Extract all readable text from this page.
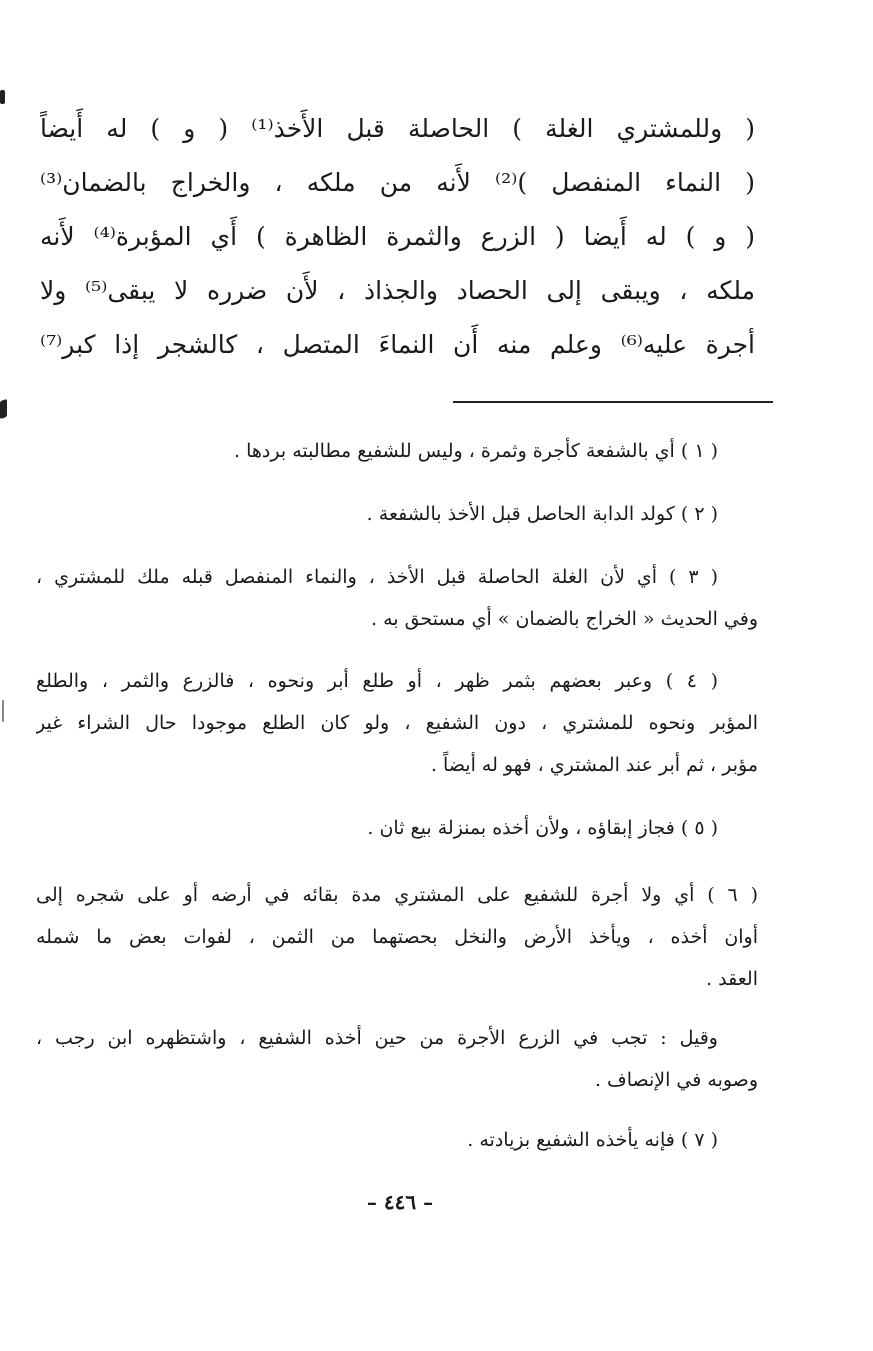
( وللمشتري الغلة ) الحاصلة قبل الأَخذ⁽¹⁾ ( و ) له أَيضاً
( النماء المنفصل )⁽²⁾ لأَنه من ملكه ، والخراج بالضمان⁽³⁾
( و ) له أَيضا ( الزرع والثمرة الظاهرة ) أَي المؤبرة⁽⁴⁾ لأَنه
ملكه ، ويبقى إلى الحصاد والجذاذ ، لأَن ضرره لا يبقى⁽⁵⁾ ولا
أجرة عليه⁽⁶⁾ وعلم منه أَن النماءَ المتصل ، كالشجر إذا كبر⁽⁷⁾
( ١ ) أي بالشفعة كأجرة وثمرة ، وليس للشفيع مطالبته بردها .
( ٢ ) كولد الدابة الحاصل قبل الأخذ بالشفعة .
( ٣ ) أي لأن الغلة الحاصلة قبل الأخذ ، والنماء المنفصل قبله ملك للمشتري ،
وفي الحديث « الخراج بالضمان » أي مستحق به .
( ٤ ) وعبر بعضهم بثمر ظهر ، أو طلع أبر ونحوه ، فالزرع والثمر ، والطلع
المؤبر ونحوه للمشتري ، دون الشفيع ، ولو كان الطلع موجودا حال الشراء غير
مؤبر ، ثم أبر عند المشتري ، فهو له أيضاً .
( ٥ ) فجاز إبقاؤه ، ولأن أخذه بمنزلة بيع ثان .
( ٦ ) أي ولا أجرة للشفيع على المشتري مدة بقائه في أرضه أو على شجره إلى
أوان أخذه ، ويأخذ الأرض والنخل بحصتهما من الثمن ، لفوات بعض ما شمله
العقد .
وقيل : تجب في الزرع الأجرة من حين أخذه الشفيع ، واشتظهره ابن رجب ،
وصوبه في الإنصاف .
( ٧ ) فإنه يأخذه الشفيع بزيادته .
– ٤٤٦ –
